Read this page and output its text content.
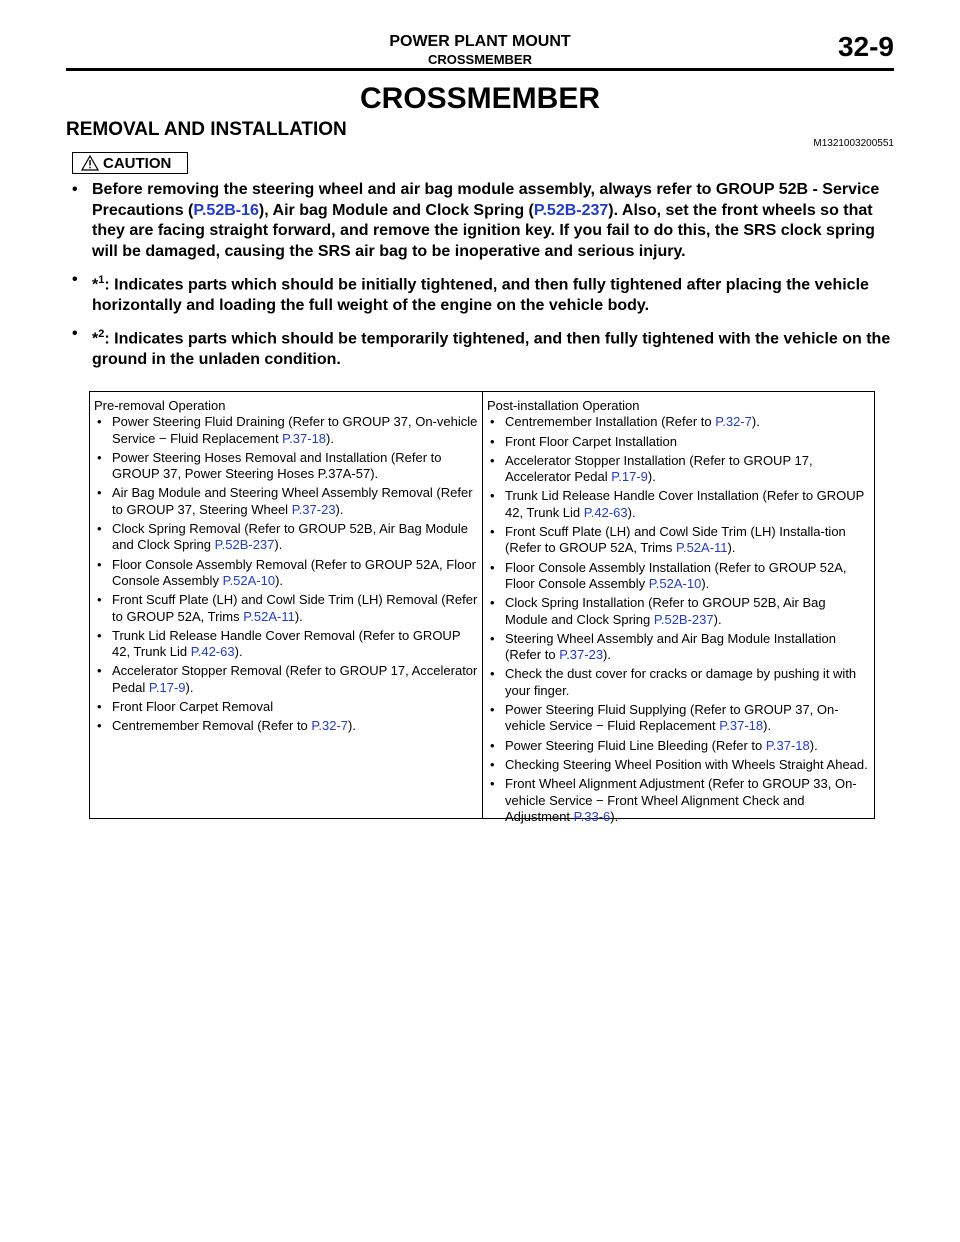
POWER PLANT MOUNT
CROSSMEMBER	32-9
CROSSMEMBER
REMOVAL AND INSTALLATION
M1321003200551
CAUTION
• Before removing the steering wheel and air bag module assembly, always refer to GROUP 52B - Service Precautions (P.52B-16), Air bag Module and Clock Spring (P.52B-237). Also, set the front wheels so that they are facing straight forward, and remove the ignition key. If you fail to do this, the SRS clock spring will be damaged, causing the SRS air bag to be inoperative and serious injury.
• *$^1$: Indicates parts which should be initially tightened, and then fully tightened after placing the vehicle horizontally and loading the full weight of the engine on the vehicle body.
• *$^2$: Indicates parts which should be temporarily tightened, and then fully tightened with the vehicle on the ground in the unladen condition.
Pre-removal Operation
• Power Steering Fluid Draining (Refer to GROUP 37, On-vehicle Service − Fluid Replacement P.37-18).
• Power Steering Hoses Removal and Installation (Refer to GROUP 37, Power Steering Hoses P.37A-57).
• Air Bag Module and Steering Wheel Assembly Removal (Refer to GROUP 37, Steering Wheel P.37-23).
• Clock Spring Removal (Refer to GROUP 52B, Air Bag Module and Clock Spring P.52B-237).
• Floor Console Assembly Removal (Refer to GROUP 52A, Floor Console Assembly P.52A-10).
• Front Scuff Plate (LH) and Cowl Side Trim (LH) Removal (Refer to GROUP 52A, Trims P.52A-11).
• Trunk Lid Release Handle Cover Removal (Refer to GROUP 42, Trunk Lid P.42-63).
• Accelerator Stopper Removal (Refer to GROUP 17, Accelerator Pedal P.17-9).
• Front Floor Carpet Removal
• Centremember Removal (Refer to P.32-7).
Post-installation Operation
• Centremember Installation (Refer to P.32-7).
• Front Floor Carpet Installation
• Accelerator Stopper Installation (Refer to GROUP 17, Accelerator Pedal P.17-9).
• Trunk Lid Release Handle Cover Installation (Refer to GROUP 42, Trunk Lid P.42-63).
• Front Scuff Plate (LH) and Cowl Side Trim (LH) Installa-tion (Refer to GROUP 52A, Trims P.52A-11).
• Floor Console Assembly Installation (Refer to GROUP 52A, Floor Console Assembly P.52A-10).
• Clock Spring Installation (Refer to GROUP 52B, Air Bag Module and Clock Spring P.52B-237).
• Steering Wheel Assembly and Air Bag Module Installation (Refer to P.37-23).
• Check the dust cover for cracks or damage by pushing it with your finger.
• Power Steering Fluid Supplying (Refer to GROUP 37, On-vehicle Service − Fluid Replacement P.37-18).
• Power Steering Fluid Line Bleeding (Refer to P.37-18).
• Checking Steering Wheel Position with Wheels Straight Ahead.
• Front Wheel Alignment Adjustment (Refer to GROUP 33, On-vehicle Service − Front Wheel Alignment Check and Adjustment P.33-6).
